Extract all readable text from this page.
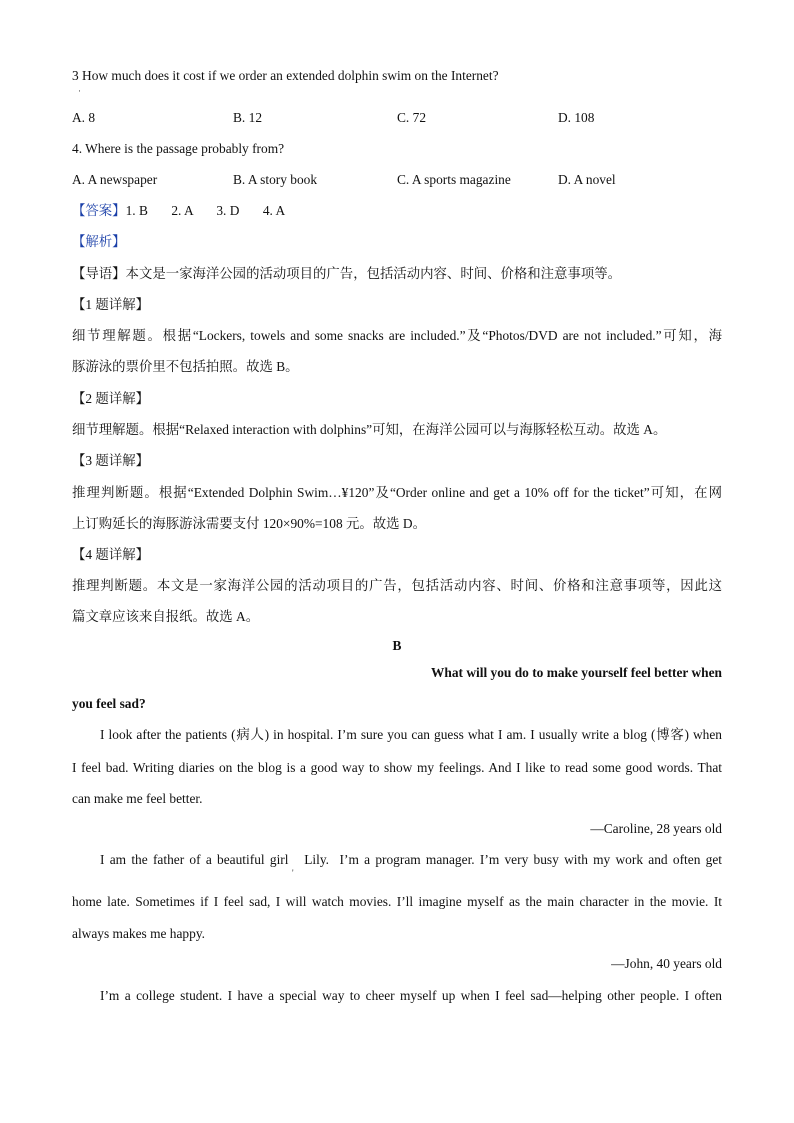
3 How much does it cost if we order an extended dolphin swim on the Internet?
·
A. 8	B. 12	C. 72	D. 108
4. Where is the passage probably from?
A. A newspaper	B. A story book	C. A sports magazine	D. A novel
【答案】1. B       2. A       3. D       4. A
【解析】
【导语】本文是一家海洋公园的活动项目的广告，包括活动内容、时间、价格和注意事项等。
【1 题详解】
细节理解题。根据“Lockers, towels and some snacks are included.”及“Photos/DVD are not included.”可知，海
豚游泳的票价里不包括拍照。故选 B。
【2 题详解】
细节理解题。根据“Relaxed interaction with dolphins”可知，在海洋公园可以与海豚轻松互动。故选 A。
【3 题详解】
推理判断题。根据“Extended Dolphin Swim…¥120”及“Order online and get a 10% off for the ticket”可知，在网
上订购延长的海豚游泳需要支付 120×90%=108 元。故选 D。
【4 题详解】
推理判断题。本文是一家海洋公园的活动项目的广告，包括活动内容、时间、价格和注意事项等，因此这
篇文章应该来自报纸。故选 A。
B
What will you do to make yourself feel better when
you feel sad?
I look after the patients (病人) in hospital. I’m sure you can guess what I am. I usually write a blog (博客) when
I feel bad. Writing diaries on the blog is a good way to show my feelings. And I like to read some good words. That
can make me feel better.
—Caroline, 28 years old
I am the father of a beautiful girl   Lily.  I’m a program manager. I’m very busy with my work and often get
'
home late. Sometimes if I feel sad, I will watch movies. I’ll imagine myself as the main character in the movie. It
always makes me happy.
—John, 40 years old
I’m a college student. I have a special way to cheer myself up when I feel sad—helping other people. I often
